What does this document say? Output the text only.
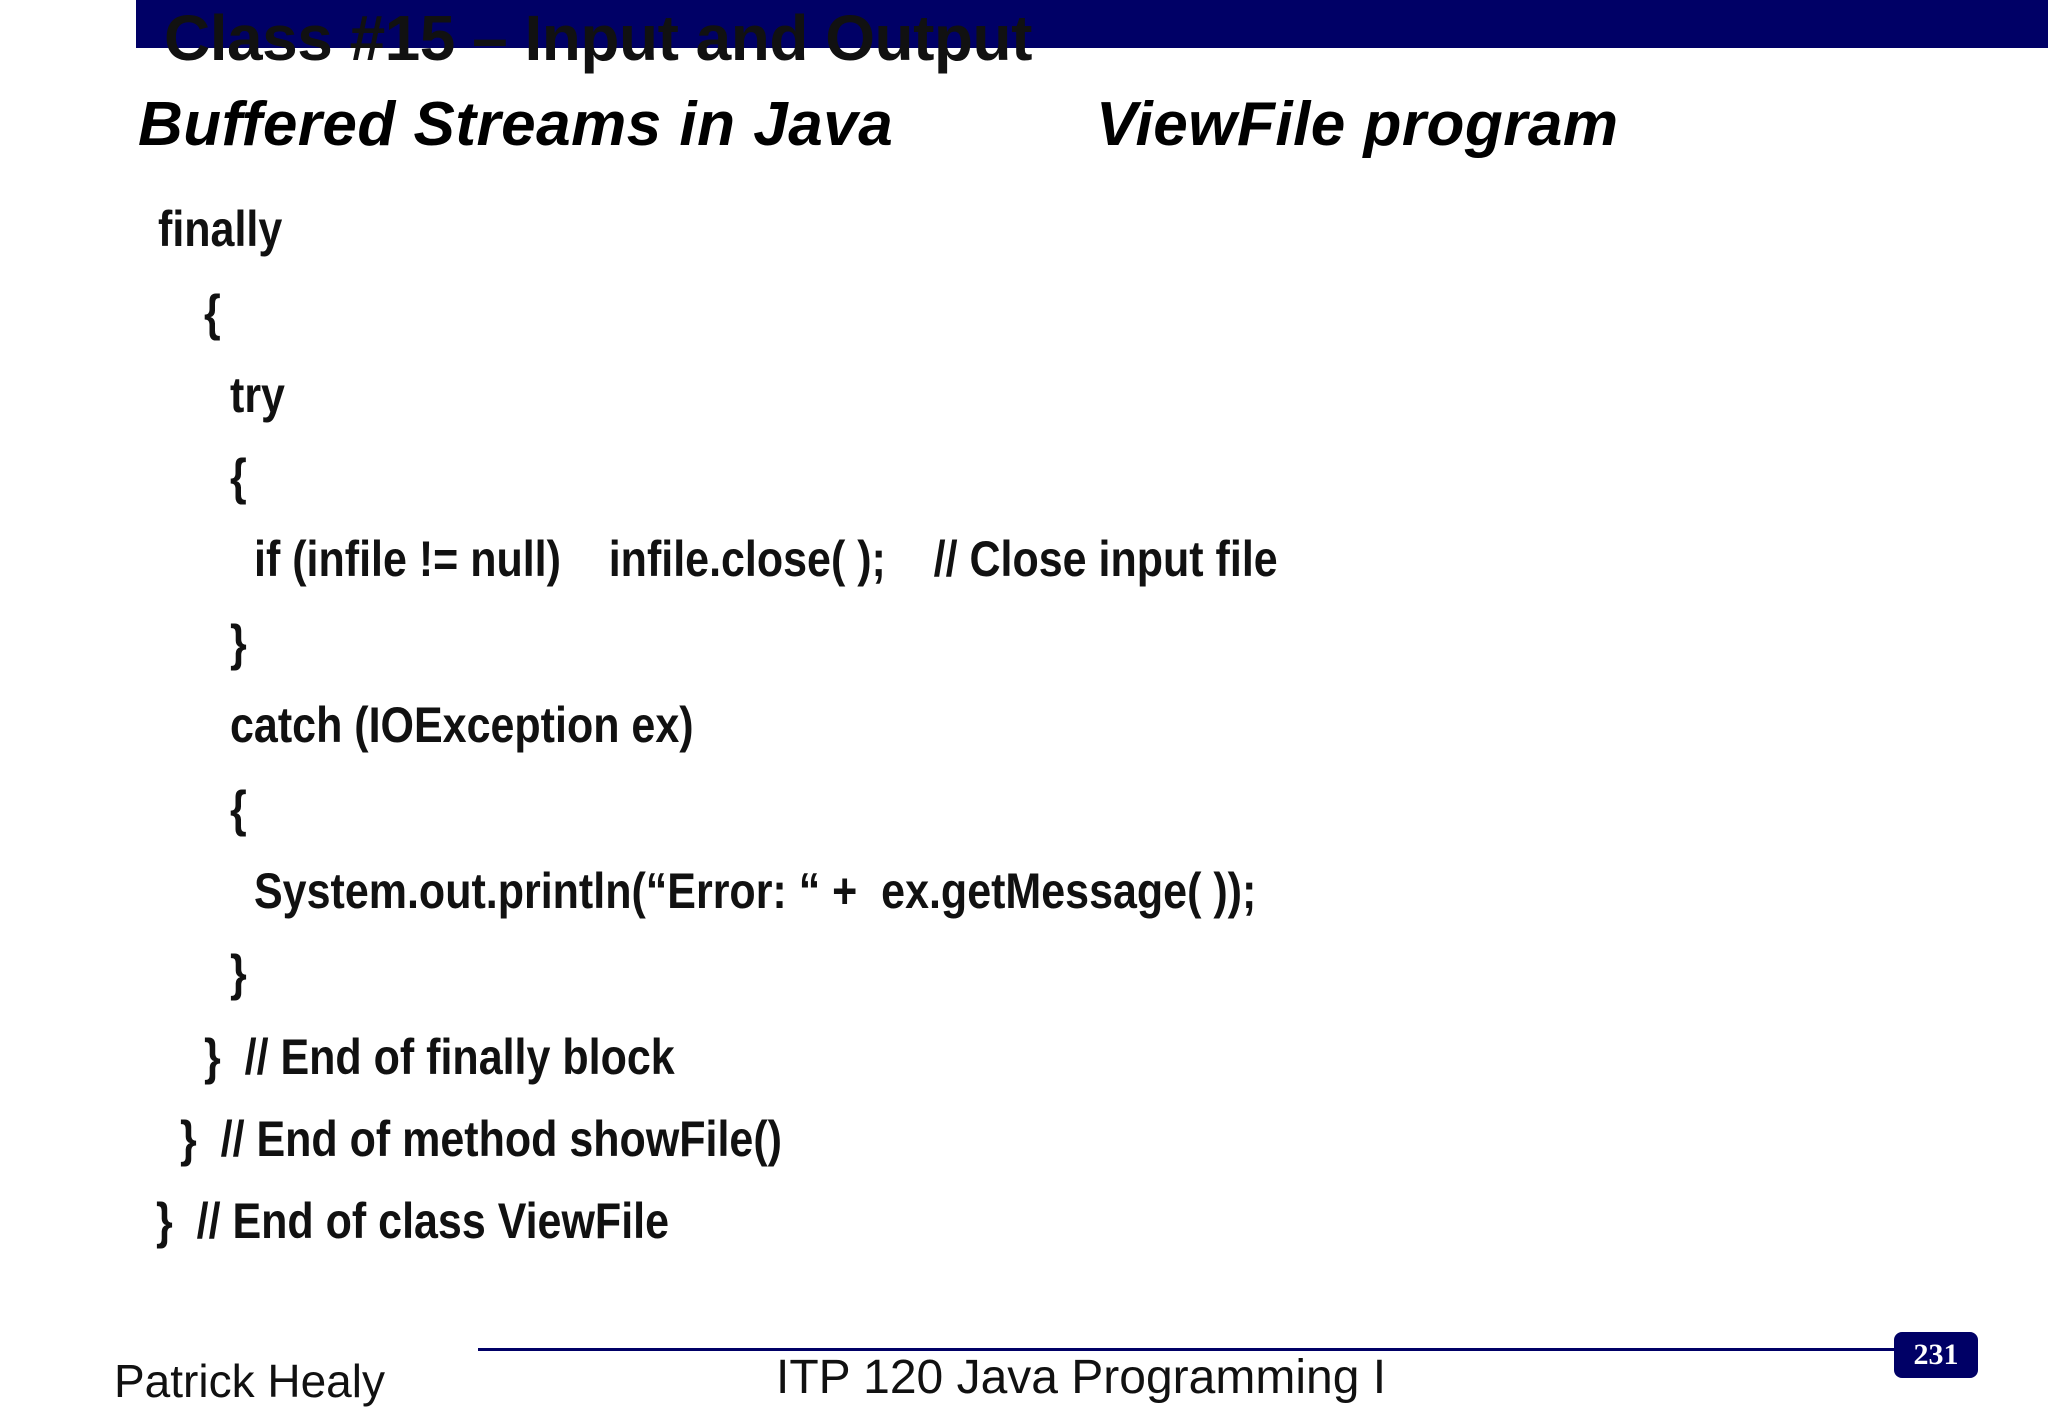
Class #15 – Input and Output
Buffered Streams in Java	ViewFile program

finally

{

try

{

if (infile != null)    infile.close( );    // Close input file

}

catch (IOException ex)

{

System.out.println(“Error: “ +  ex.getMessage( ));

}

}  // End of finally block

}  // End of method showFile()

}  // End of class ViewFile

Patrick Healy	ITP 120 Java Programming I	231
